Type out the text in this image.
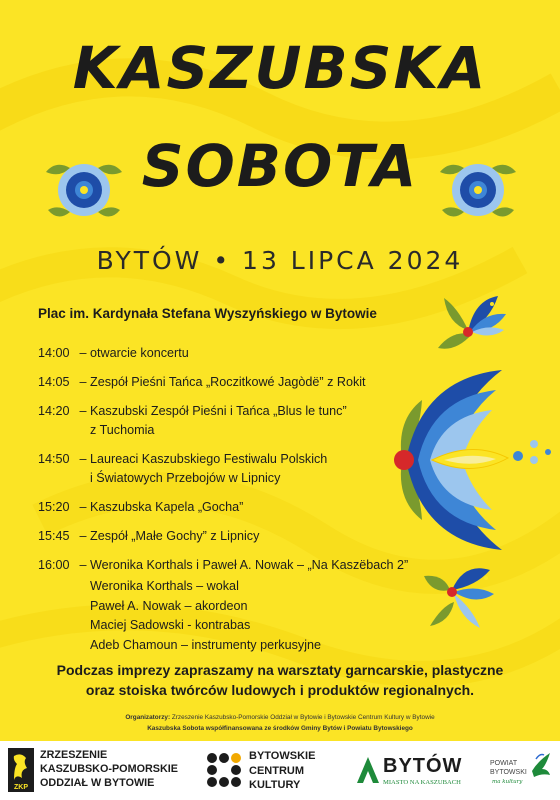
KASZUBSKA
SOBOTA
BYTÓW • 13 LIPCA 2024
Plac im. Kardynała Stefana Wyszyńskiego w Bytowie
14:00 – otwarcie koncertu
14:05 – Zespół Pieśni Tańca „Roczitkowé Jagòdë” z Rokit
14:20 – Kaszubski Zespół Pieśni i Tańca „Blus le tunc”
z Tuchomia
14:50 – Laureaci Kaszubskiego Festiwalu Polskich
i Światowych Przebojów w Lipnicy
15:20 – Kaszubska Kapela „Gocha”
15:45 – Zespół „Małe Gochy” z Lipnicy
16:00 – Weronika Korthals i Paweł A. Nowak – „Na Kaszëbach 2”
Weronika Korthals – wokal
Paweł A. Nowak – akordeon
Maciej Sadowski - kontrabas
Adeb Chamoun – instrumenty perkusyjne
Podczas imprezy zapraszamy na warsztaty garncarskie, plastyczne
oraz stoiska twórców ludowych i produktów regionalnych.
Organizatorzy: Zrzeszenie Kaszubsko-Pomorskie Oddział w Bytowie i Bytowskie Centrum Kultury w Bytowie
Kaszubska Sobota współfinansowana ze środków Gminy Bytów i Powiatu Bytowskiego
ZKP
ZRZESZENIE
KASZUBSKO-POMORSKIE
ODDZIAŁ W BYTOWIE
BYTOWSKIE
CENTRUM
KULTURY
BYTÓW
MIASTO NA KASZUBACH
POWIAT
BYTOWSKI
ma kultury
